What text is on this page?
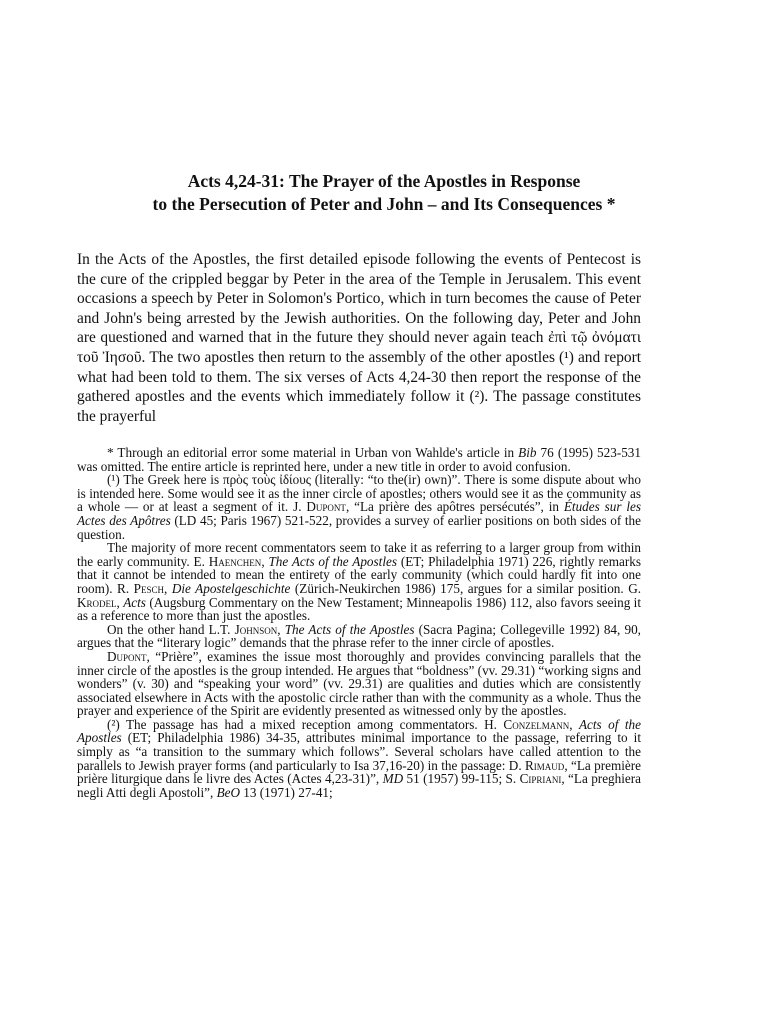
Acts 4,24-31: The Prayer of the Apostles in Response
to the Persecution of Peter and John – and Its Consequences *
In the Acts of the Apostles, the first detailed episode following the events of Pentecost is the cure of the crippled beggar by Peter in the area of the Temple in Jerusalem. This event occasions a speech by Peter in Solomon's Portico, which in turn becomes the cause of Peter and John's being arrested by the Jewish authorities. On the following day, Peter and John are questioned and warned that in the future they should never again teach ἐπὶ τῷ ὀνόματι τοῦ Ἰησοῦ. The two apostles then return to the assembly of the other apostles (¹) and report what had been told to them. The six verses of Acts 4,24-30 then report the response of the gathered apostles and the events which immediately follow it (²). The passage constitutes the prayerful

* Through an editorial error some material in Urban von Wahlde's article in Bib 76 (1995) 523-531 was omitted. The entire article is reprinted here, under a new title in order to avoid confusion.

(¹) The Greek here is πρὸς τοὺς ἰδίους (literally: “to the(ir) own)”. There is some dispute about who is intended here. Some would see it as the inner circle of apostles; others would see it as the community as a whole — or at least a segment of it. J. Dupont, “La prière des apôtres persécutés”, in Études sur les Actes des Apôtres (LD 45; Paris 1967) 521-522, provides a survey of earlier positions on both sides of the question.

The majority of more recent commentators seem to take it as referring to a larger group from within the early community. E. Haenchen, The Acts of the Apostles (ET; Philadelphia 1971) 226, rightly remarks that it cannot be intended to mean the entirety of the early community (which could hardly fit into one room). R. Pesch, Die Apostelgeschichte (Zürich-Neukirchen 1986) 175, argues for a similar position. G. Krodel, Acts (Augsburg Commentary on the New Testament; Minneapolis 1986) 112, also favors seeing it as a reference to more than just the apostles.

On the other hand L.T. Johnson, The Acts of the Apostles (Sacra Pagina; Collegeville 1992) 84, 90, argues that the “literary logic” demands that the phrase refer to the inner circle of apostles.

Dupont, “Prière”, examines the issue most thoroughly and provides convincing parallels that the inner circle of the apostles is the group intended. He argues that “boldness” (vv. 29.31) “working signs and wonders” (v. 30) and “speaking your word” (vv. 29.31) are qualities and duties which are consistently associated elsewhere in Acts with the apostolic circle rather than with the community as a whole. Thus the prayer and experience of the Spirit are evidently presented as witnessed only by the apostles.

(²) The passage has had a mixed reception among commentators. H. Conzelmann, Acts of the Apostles (ET; Philadelphia 1986) 34-35, attributes minimal importance to the passage, referring to it simply as “a transition to the summary which follows”. Several scholars have called attention to the parallels to Jewish prayer forms (and particularly to Isa 37,16-20) in the passage: D. Rimaud, “La première prière liturgique dans le livre des Actes (Actes 4,23-31)”, MD 51 (1957) 99-115; S. Cipriani, “La preghiera negli Atti degli Apostoli”, BeO 13 (1971) 27-41;
